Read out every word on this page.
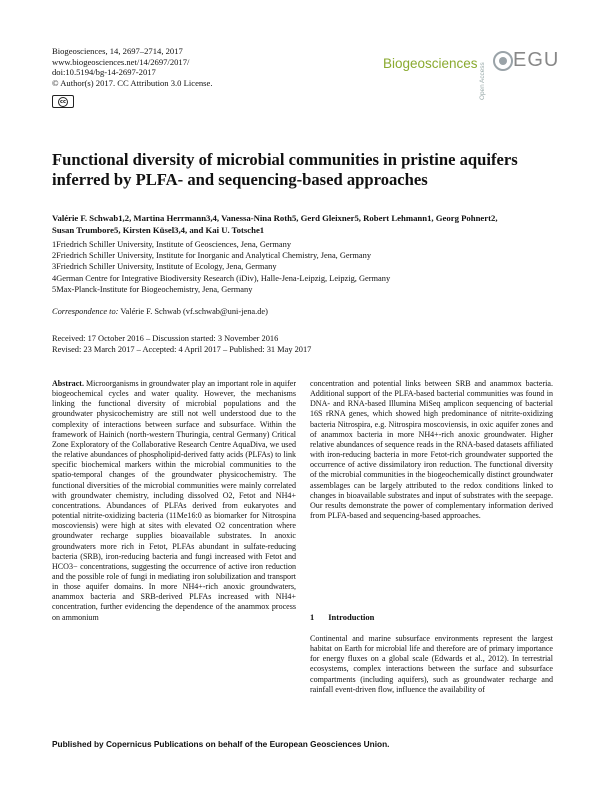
Biogeosciences, 14, 2697–2714, 2017
www.biogeosciences.net/14/2697/2017/
doi:10.5194/bg-14-2697-2017
© Author(s) 2017. CC Attribution 3.0 License.
cc
Biogeosciences Open Access
EGU
Functional diversity of microbial communities in pristine aquifers inferred by PLFA- and sequencing-based approaches
Valérie F. Schwab1,2, Martina Herrmann3,4, Vanessa-Nina Roth5, Gerd Gleixner5, Robert Lehmann1, Georg Pohnert2,
Susan Trumbore5, Kirsten Küsel3,4, and Kai U. Totsche1
1Friedrich Schiller University, Institute of Geosciences, Jena, Germany
2Friedrich Schiller University, Institute for Inorganic and Analytical Chemistry, Jena, Germany
3Friedrich Schiller University, Institute of Ecology, Jena, Germany
4German Centre for Integrative Biodiversity Research (iDiv), Halle-Jena-Leipzig, Leipzig, Germany
5Max-Planck-Institute for Biogeochemistry, Jena, Germany
Correspondence to: Valérie F. Schwab (vf.schwab@uni-jena.de)
Received: 17 October 2016 – Discussion started: 3 November 2016
Revised: 23 March 2017 – Accepted: 4 April 2017 – Published: 31 May 2017

Abstract. Microorganisms in groundwater play an important role in aquifer biogeochemical cycles and water quality. However, the mechanisms linking the functional diversity of microbial populations and the groundwater physicochemistry are still not well understood due to the complexity of interactions between surface and subsurface. Within the framework of Hainich (north-western Thuringia, central Germany) Critical Zone Exploratory of the Collaborative Research Centre AquaDiva, we used the relative abundances of phospholipid-derived fatty acids (PLFAs) to link specific biochemical markers within the microbial communities to the spatio-temporal changes of the groundwater physicochemistry. The functional diversities of the microbial communities were mainly correlated with groundwater chemistry, including dissolved O2, Fetot and NH4+ concentrations. Abundances of PLFAs derived from eukaryotes and potential nitrite-oxidizing bacteria (11Me16:0 as biomarker for Nitrospina moscoviensis) were high at sites with elevated O2 concentration where groundwater recharge supplies bioavailable substrates. In anoxic groundwaters more rich in Fetot, PLFAs abundant in sulfate-reducing bacteria (SRB), iron-reducing bacteria and fungi increased with Fetot and HCO3− concentrations, suggesting the occurrence of active iron reduction and the possible role of fungi in mediating iron solubilization and transport in those aquifer domains. In more NH4+-rich anoxic groundwaters, anammox bacteria and SRB-derived PLFAs increased with NH4+ concentration, further evidencing the dependence of the anammox process on ammonium

concentration and potential links between SRB and anammox bacteria. Additional support of the PLFA-based bacterial communities was found in DNA- and RNA-based Illumina MiSeq amplicon sequencing of bacterial 16S rRNA genes, which showed high predominance of nitrite-oxidizing bacteria Nitrospira, e.g. Nitrospira moscoviensis, in oxic aquifer zones and of anammox bacteria in more NH4+-rich anoxic groundwater. Higher relative abundances of sequence reads in the RNA-based datasets affiliated with iron-reducing bacteria in more Fetot-rich groundwater supported the occurrence of active dissimilatory iron reduction. The functional diversity of the microbial communities in the biogeochemically distinct groundwater assemblages can be largely attributed to the redox conditions linked to changes in bioavailable substrates and input of substrates with the seepage. Our results demonstrate the power of complementary information derived from PLFA-based and sequencing-based approaches.

1 Introduction

Continental and marine subsurface environments represent the largest habitat on Earth for microbial life and therefore are of primary importance for energy fluxes on a global scale (Edwards et al., 2012). In terrestrial ecosystems, complex interactions between the surface and subsurface compartments (including aquifers), such as groundwater recharge and rainfall event-driven flow, influence the availability of

Published by Copernicus Publications on behalf of the European Geosciences Union.
